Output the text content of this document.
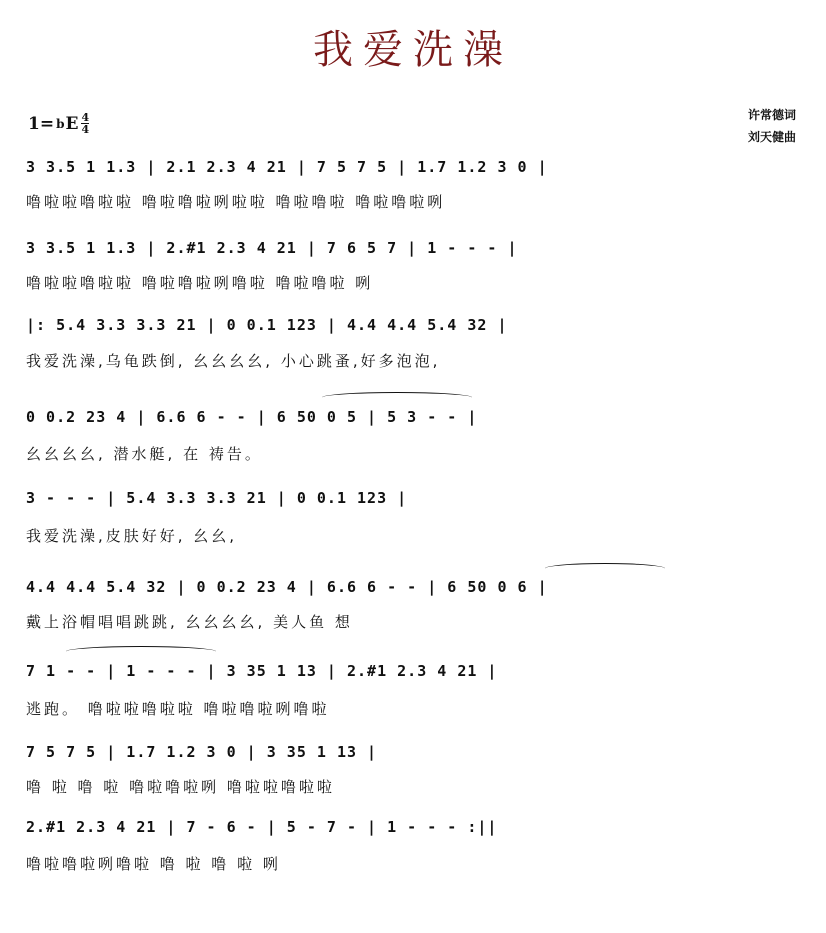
我爱洗澡
1= b E $\frac{4}{4}$	许常德词
刘天健曲
3 3.5 1 1.3 | 2.1 2.3 4 21 | 7 5 7 5 | 1.7 1.2 3 0 |
噜啦啦噜啦啦 噜啦噜啦咧啦啦 噜啦噜啦 噜啦噜啦咧
3 3.5 1 1.3 | 2.#1 2.3 4 21 | 7 6 5 7 | 1 - - - |
噜啦啦噜啦啦 噜啦噜啦咧噜啦 噜啦噜啦 咧
|: 5.4 3.3 3.3 21 | 0 0.1 123 | 4.4 4.4 5.4 32 |
我爱洗澡,乌龟跌倒, 幺幺幺幺, 小心跳蚤,好多泡泡,
0 0.2 23 4 | 6.6 6 - - | 6 50 0 5 | 5 3 - - |
幺幺幺幺, 潜水艇, 在 祷告。
3 - - - | 5.4 3.3 3.3 21 | 0 0.1 123 |
我爱洗澡,皮肤好好, 幺幺,
4.4 4.4 5.4 32 | 0 0.2 23 4 | 6.6 6 - - | 6 50 0 6 |
戴上浴帽唱唱跳跳, 幺幺幺幺, 美人鱼 想
7 1 - - | 1 - - - | 3 35 1 13 | 2.#1 2.3 4 21 |
逃跑。 噜啦啦噜啦啦 噜啦噜啦咧噜啦
7 5 7 5 | 1.7 1.2 3 0 | 3 35 1 13 |
噜 啦 噜 啦 噜啦噜啦咧 噜啦啦噜啦啦
2.#1 2.3 4 21 | 7 - 6 - | 5 - 7 - | 1 - - - :||
噜啦噜啦咧噜啦 噜 啦 噜 啦 咧
